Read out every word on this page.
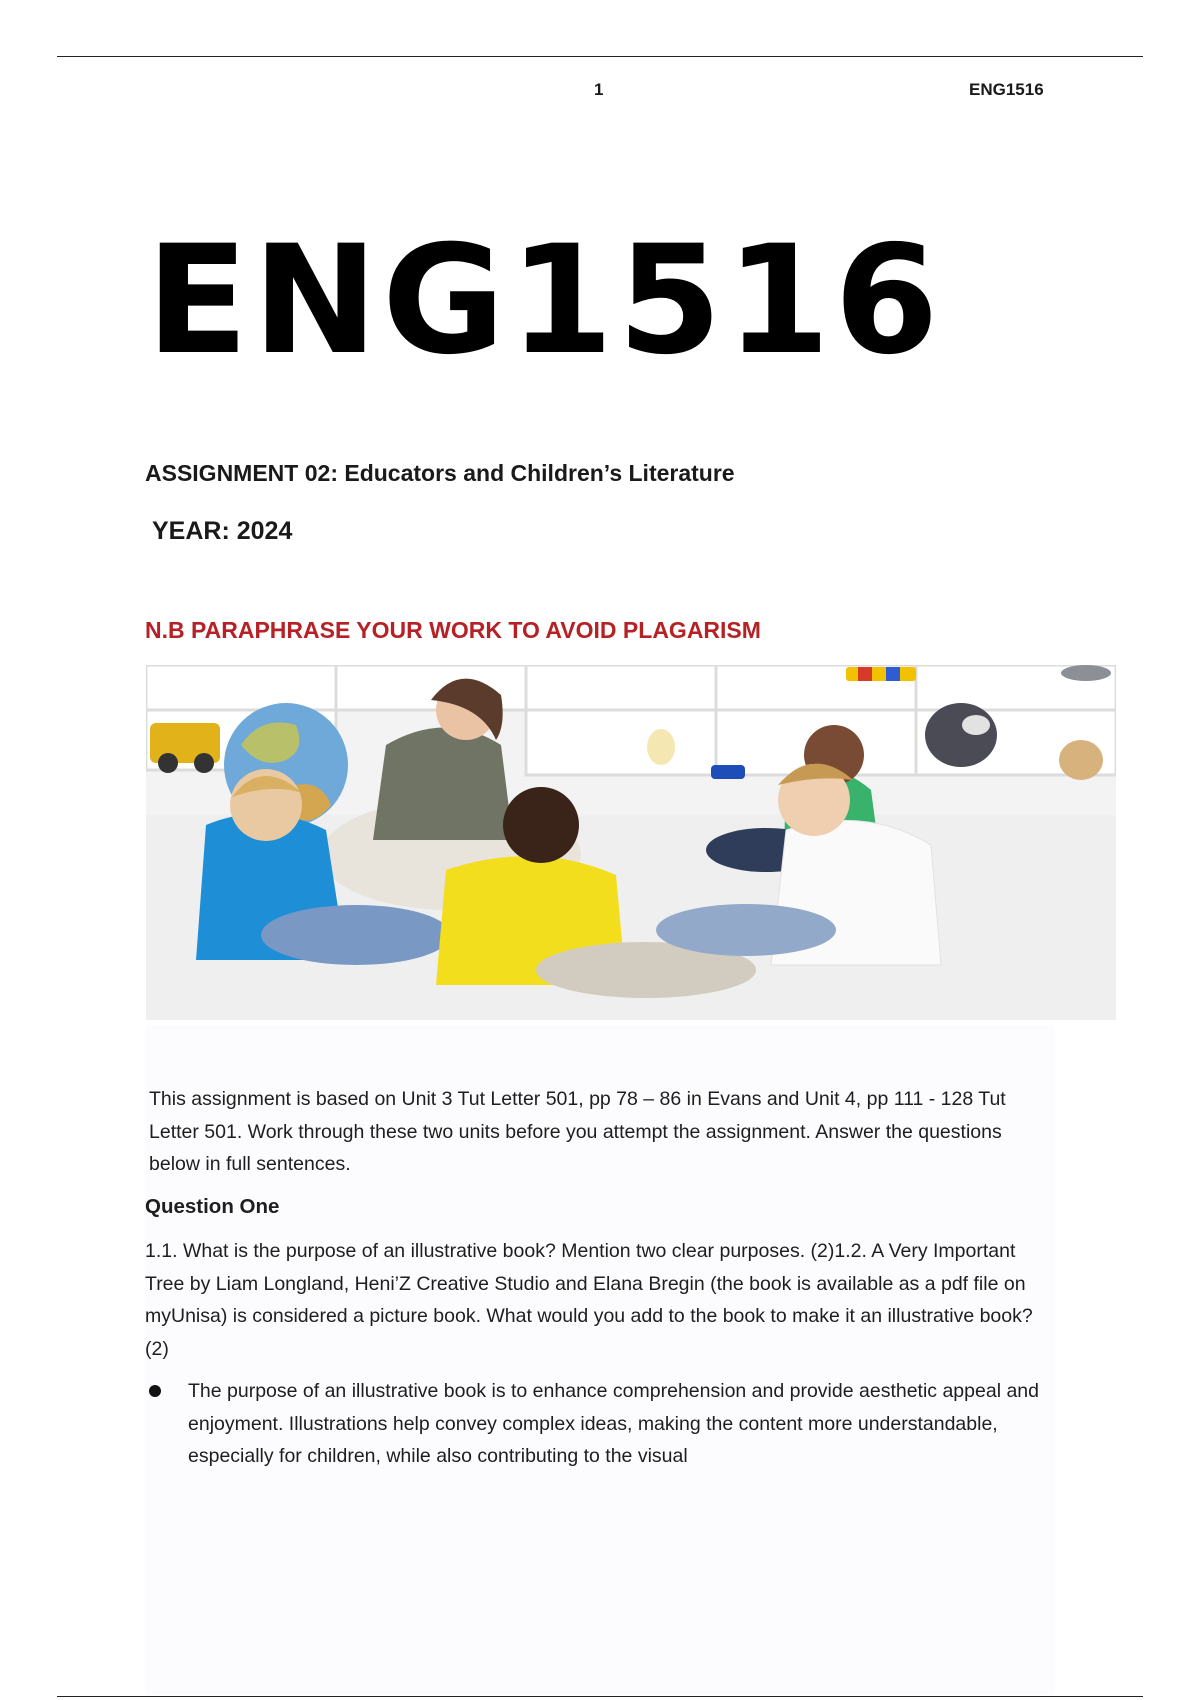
1	ENG1516
ENG1516
ASSIGNMENT 02: Educators and Children’s Literature
YEAR: 2024
N.B PARAPHRASE YOUR WORK TO AVOID PLAGARISM

This assignment is based on Unit 3 Tut Letter 501, pp 78 – 86 in Evans and Unit 4, pp 111 - 128 Tut Letter 501. Work through these two units before you attempt the assignment. Answer the questions below in full sentences.

Question One

1.1. What is the purpose of an illustrative book? Mention two clear purposes. (2)1.2. A Very Important Tree by Liam Longland, Heni’Z Creative Studio and Elana Bregin (the book is available as a pdf file on myUnisa) is considered a picture book. What would you add to the book to make it an illustrative book? (2)

The purpose of an illustrative book is to enhance comprehension and provide aesthetic appeal and enjoyment. Illustrations help convey complex ideas, making the content more understandable, especially for children, while also contributing to the visual
